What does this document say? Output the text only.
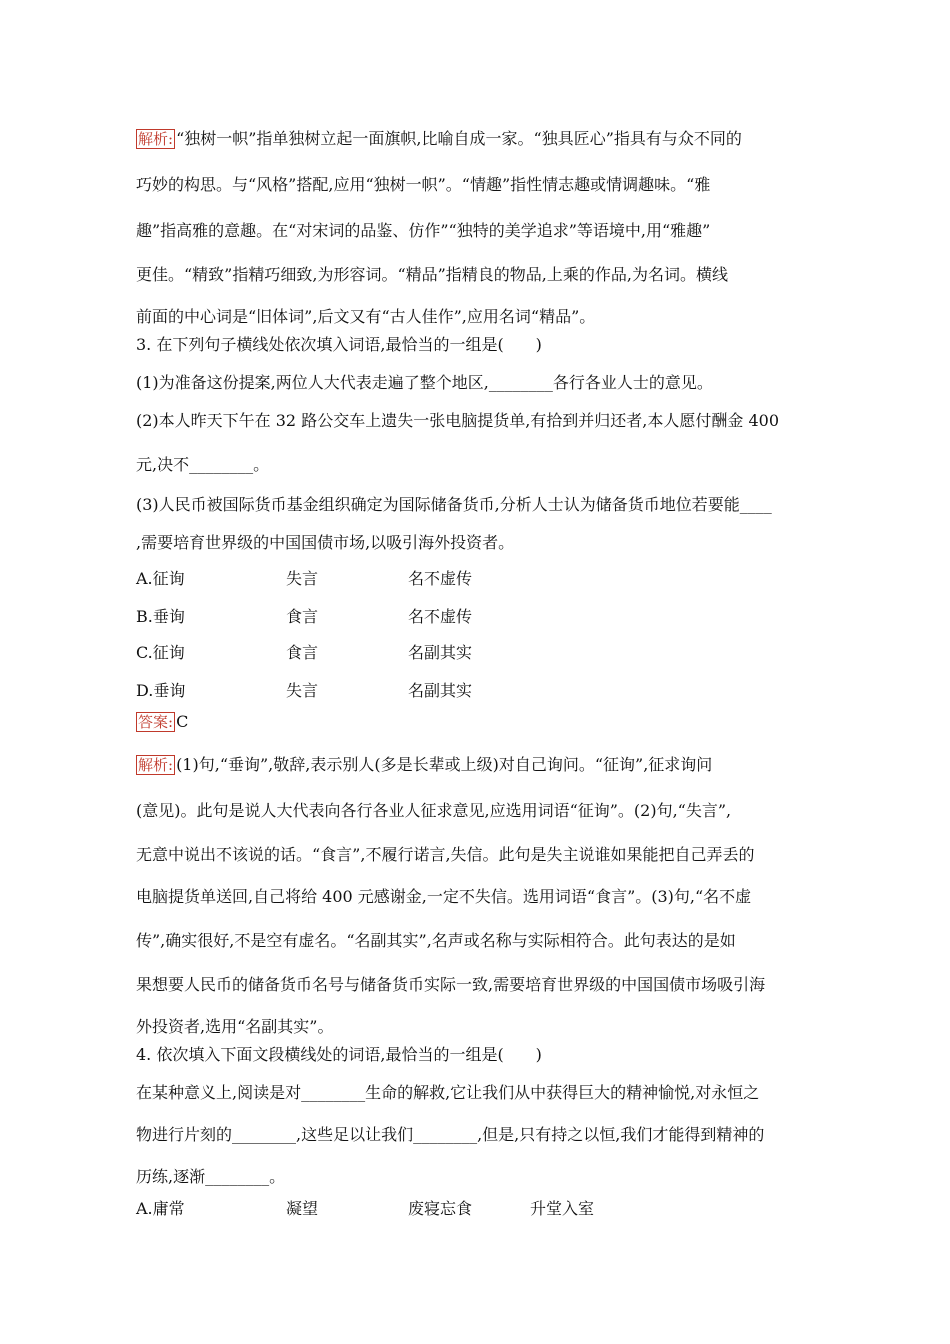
解析: “独树一帜”指单独树立起一面旗帜,比喻自成一家。“独具匠心”指具有与众不同的
巧妙的构思。与“风格”搭配,应用“独树一帜”。“情趣”指性情志趣或情调趣味。“雅
趣”指高雅的意趣。在“对宋词的品鉴、仿作”“独特的美学追求”等语境中,用“雅趣”
更佳。“精致”指精巧细致,为形容词。“精品”指精良的物品,上乘的作品,为名词。横线
前面的中心词是“旧体词”,后文又有“古人佳作”,应用名词“精品”。
3. 在下列句子横线处依次填入词语,最恰当的一组是(　　)
(1)为准备这份提案,两位人大代表走遍了整个地区,________各行各业人士的意见。
(2)本人昨天下午在 32 路公交车上遗失一张电脑提货单,有拾到并归还者,本人愿付酬金 400
元,决不________。
(3)人民币被国际货币基金组织确定为国际储备货币,分析人士认为储备货币地位若要能____
,需要培育世界级的中国国债市场,以吸引海外投资者。
A.征询	失言	名不虚传
B.垂询	食言	名不虚传
C.征询	食言	名副其实
D.垂询	失言	名副其实
答案: C
解析: (1)句,“垂询”,敬辞,表示别人(多是长辈或上级)对自己询问。“征询”,征求询问
(意见)。此句是说人大代表向各行各业人征求意见,应选用词语“征询”。(2)句,“失言”,
无意中说出不该说的话。“食言”,不履行诺言,失信。此句是失主说谁如果能把自己弄丢的
电脑提货单送回,自己将给 400 元感谢金,一定不失信。选用词语“食言”。(3)句,“名不虚
传”,确实很好,不是空有虚名。“名副其实”,名声或名称与实际相符合。此句表达的是如
果想要人民币的储备货币名号与储备货币实际一致,需要培育世界级的中国国债市场吸引海
外投资者,选用“名副其实”。
4. 依次填入下面文段横线处的词语,最恰当的一组是(　　)
在某种意义上,阅读是对________生命的解救,它让我们从中获得巨大的精神愉悦,对永恒之
物进行片刻的________,这些足以让我们________,但是,只有持之以恒,我们才能得到精神的
历练,逐渐________。
A.庸常	凝望	废寝忘食	升堂入室
